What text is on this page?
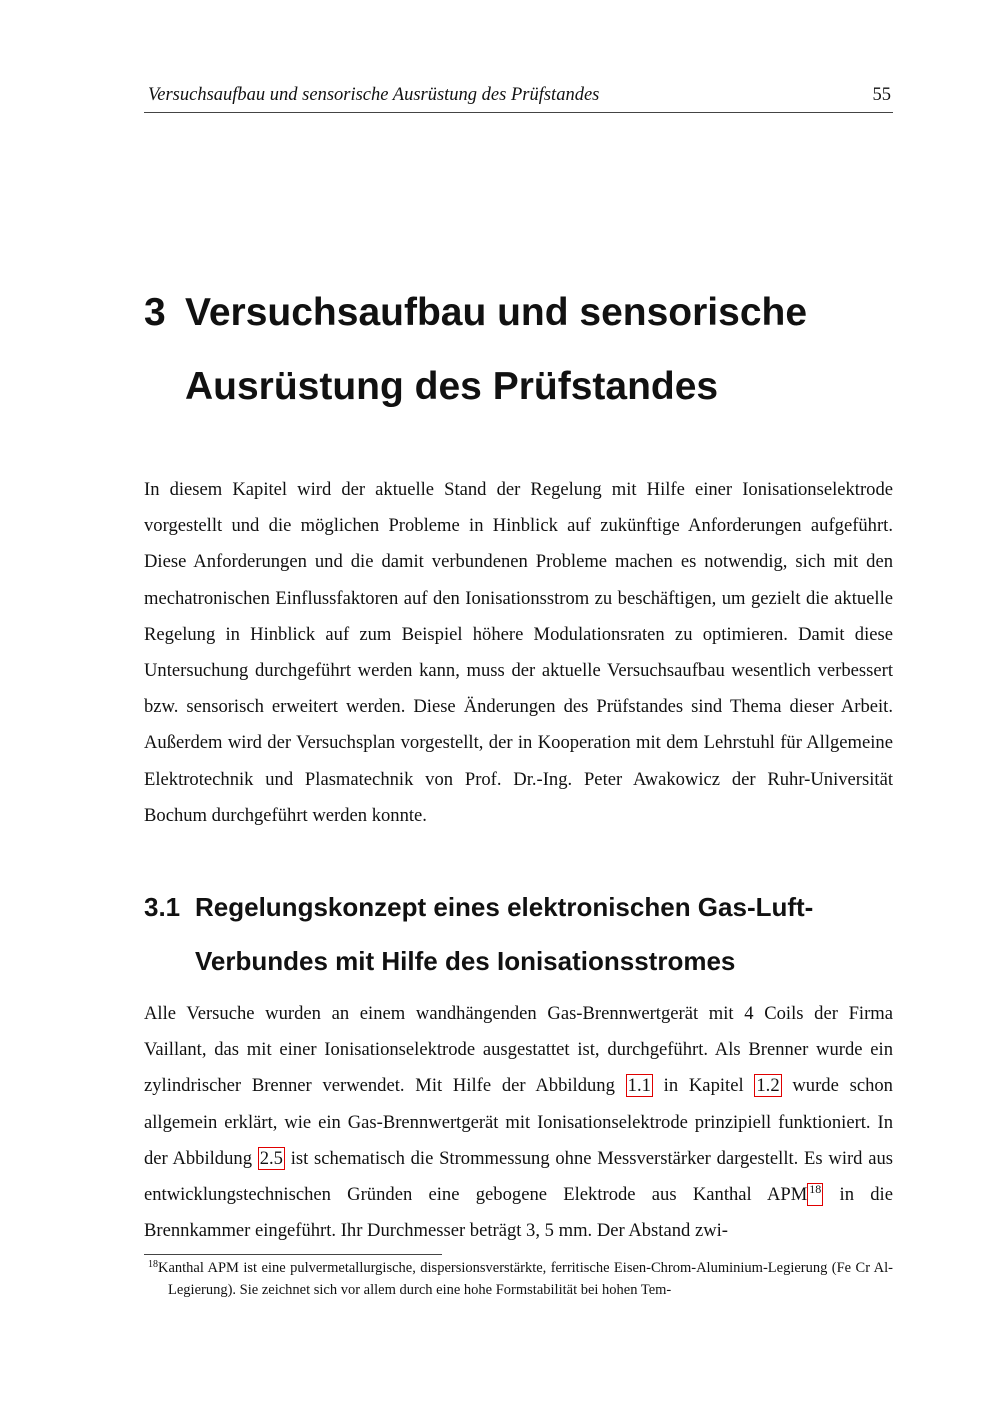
Versuchsaufbau und sensorische Ausrüstung des Prüfstandes	55
3 Versuchsaufbau und sensorische Ausrüstung des Prüfstandes

In diesem Kapitel wird der aktuelle Stand der Regelung mit Hilfe einer Ionisationselektrode vorgestellt und die möglichen Probleme in Hinblick auf zukünftige Anforderungen aufgeführt. Diese Anforderungen und die damit verbundenen Probleme machen es notwendig, sich mit den mechatronischen Einflussfaktoren auf den Ionisationsstrom zu beschäftigen, um gezielt die aktuelle Regelung in Hinblick auf zum Beispiel höhere Modulationsraten zu optimieren. Damit diese Untersuchung durchgeführt werden kann, muss der aktuelle Versuchsaufbau wesentlich verbessert bzw. sensorisch erweitert werden. Diese Änderungen des Prüfstandes sind Thema dieser Arbeit. Außerdem wird der Versuchsplan vorgestellt, der in Kooperation mit dem Lehrstuhl für Allgemeine Elektrotechnik und Plasmatechnik von Prof. Dr.-Ing. Peter Awakowicz der Ruhr-Universität Bochum durchgeführt werden konnte.

3.1 Regelungskonzept eines elektronischen Gas-Luft-Verbundes mit Hilfe des Ionisationsstromes

Alle Versuche wurden an einem wandhängenden Gas-Brennwertgerät mit 4 Coils der Firma Vaillant, das mit einer Ionisationselektrode ausgestattet ist, durchgeführt. Als Brenner wurde ein zylindrischer Brenner verwendet. Mit Hilfe der Abbildung 1.1 in Kapitel 1.2 wurde schon allgemein erklärt, wie ein Gas-Brennwertgerät mit Ionisationselektrode prinzipiell funktioniert. In der Abbildung 2.5 ist schematisch die Strommessung ohne Messverstärker dargestellt. Es wird aus entwicklungstechnischen Gründen eine gebogene Elektrode aus Kanthal APM $^{18}$ in die Brennkammer eingeführt. Ihr Durchmesser beträgt 3, 5 mm. Der Abstand zwi-

$^{18}$Kanthal APM ist eine pulvermetallurgische, dispersionsverstärkte, ferritische Eisen-Chrom-Aluminium-Legierung (Fe Cr Al-Legierung). Sie zeichnet sich vor allem durch eine hohe Formstabilität bei hohen Tem-
